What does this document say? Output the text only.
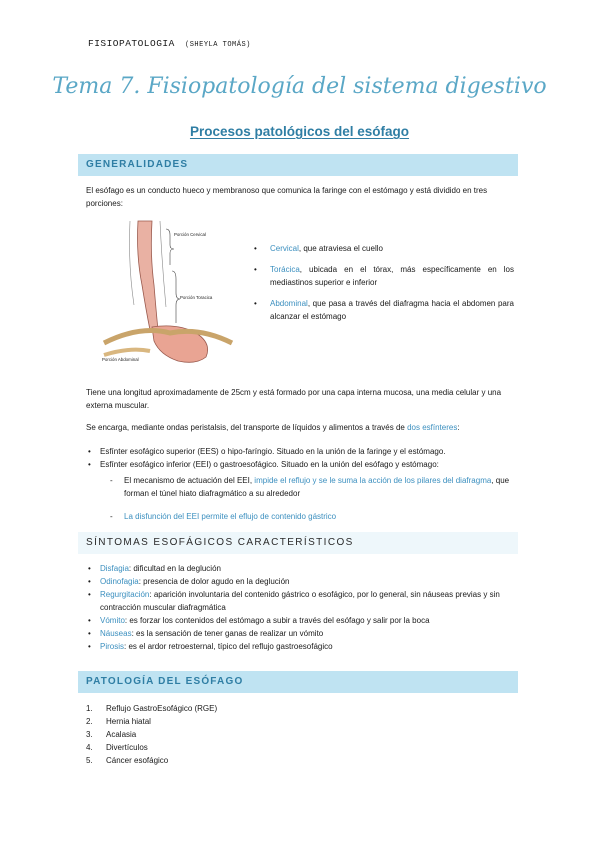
FISIOPATOLOGIA (SHEYLA TOMÁS)
Tema 7. Fisiopatología del sistema digestivo
Procesos patológicos del esófago
GENERALIDADES
El esófago es un conducto hueco y membranoso que comunica la faringe con el estómago y está dividido en tres porciones:
Porción Cervical
Porción Toracica
Porción Abdominal
• Cervical, que atraviesa el cuello
• Torácica, ubicada en el tórax, más específicamente en los mediastinos superior e inferior
• Abdominal, que pasa a través del diafragma hacia el abdomen para alcanzar el estómago
Tiene una longitud aproximadamente de 25cm y está formado por una capa interna mucosa, una media celular y una externa muscular.
Se encarga, mediante ondas peristalsis, del transporte de líquidos y alimentos a través de dos esfínteres:
• Esfínter esofágico superior (EES) o hipo-faríngio. Situado en la unión de la faringe y el estómago.
• Esfínter esofágico inferior (EEI) o gastroesofágico. Situado en la unión del esófago y estómago:
- El mecanismo de actuación del EEI, impide el reflujo y se le suma la acción de los pilares del diafragma, que forman el túnel hiato diafragmático a su alrededor
- La disfunción del EEI permite el eflujo de contenido gástrico
SÍNTOMAS ESOFÁGICOS CARACTERÍSTICOS
• Disfagia: dificultad en la deglución
• Odinofagia: presencia de dolor agudo en la deglución
• Regurgitación: aparición involuntaria del contenido gástrico o esofágico, por lo general, sin náuseas previas y sin contracción muscular diafragmática
• Vómito: es forzar los contenidos del estómago a subir a través del esófago y salir por la boca
• Náuseas: es la sensación de tener ganas de realizar un vómito
• Pirosis: es el ardor retroesternal, típico del reflujo gastroesofágico
PATOLOGÍA DEL ESÓFAGO
1. Reflujo GastroEsofágico (RGE)
2. Hernia hiatal
3. Acalasia
4. Divertículos
5. Cáncer esofágico
